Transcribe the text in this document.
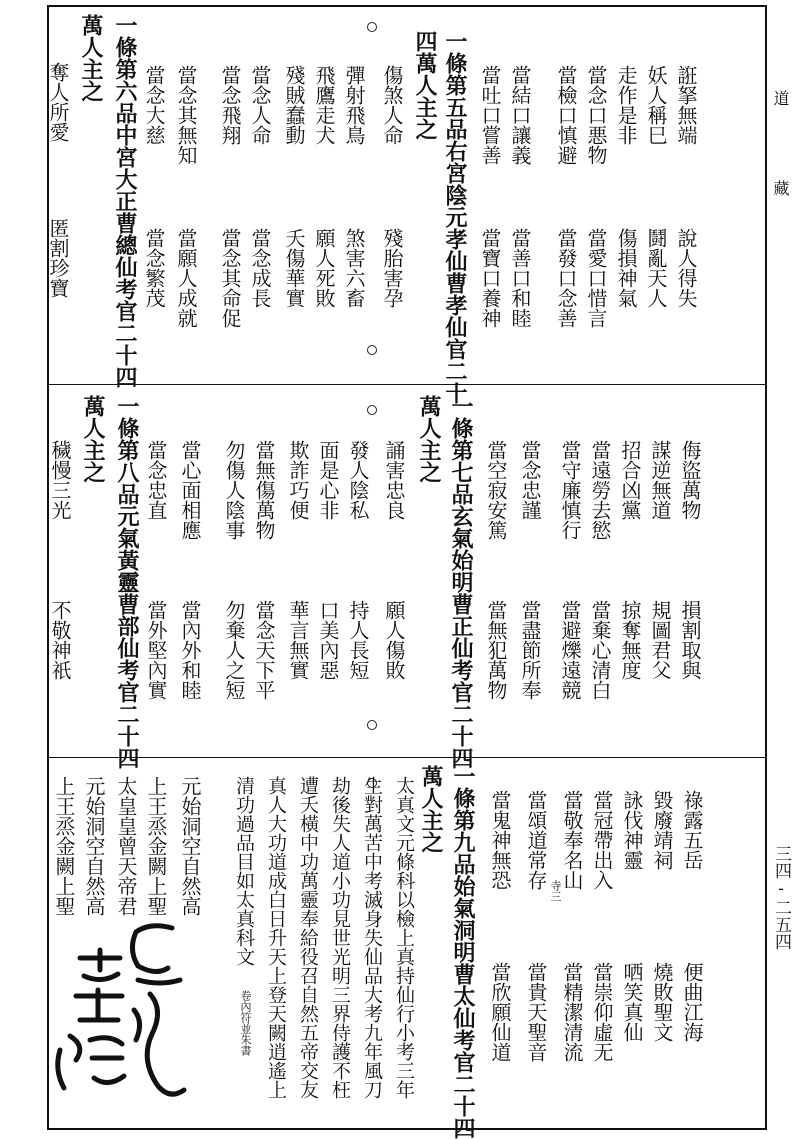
道
藏
三四‐二五四
一條第五品右宮陰元孝仙曹孝仙官二十
四萬人主之	誑拏無端
說人得失
妖人稱巳
鬪亂天人
走作是非
傷損神氣
當念口悪物
當愛口惜言
當檢口慎避
當發口念善
當結口讓義
當善口和睦
當吐口嘗善
當寶口養神
傷煞人命
殘胎害孕
彈射飛鳥
煞害六畜
飛鷹走犬
願人死敗
殘賊蠢動
夭傷華實
當念人命
當念成長
當念飛翔
當念其命促
當念其無知
當願人成就
當念大慈
當念繁茂
一條第六品中宮大正曹總仙考官二十四
萬人主之
奪人所愛
匿割珍寶
一條第七品玄氣始明曹正仙考官二十四
萬人主之	侮盜萬物
損割取與
謀逆無道
規圖君父
招合凶黨
掠奪無度
當遠勞去慾
當棄心清白
當守廉慎行
當避爍遠競
當念忠謹
當盡節所奉
當空寂安篤
當無犯萬物
誦害忠良
願人傷敗
發人陰私
持人長短
面是心非
口美內惡
欺詐巧便
華言無實
當無傷萬物
當念天下平
勿傷人陰事
勿棄人之短
當心面相應
當內外和睦
當念忠直
當外堅內實
一條第八品元氣黃靈曹部仙考官二十四
萬人主之
穢慢三光
不敬神祇
一條第九品始氣洞明曹太仙考官二十四
萬人主之	祿露五岳
便曲江海
毀廢靖祠
燒敗聖文
詠伐神靈
哂笑真仙
當冠帶出入
當崇仰虛无
當敬奉名山
當精潔清流
寺三
當頌道常存
當貴天聖音
當鬼神無恐
當欣願仙道
太真文元條科以檢上真持仙行小考三年
生對萬苦中考滅身失仙品大考九年風刀
劫後失人道小功見世光明三界侍護不枉
遭夭橫中功萬靈奉給役召自然五帝交友
真人大功道成白日升天上登天闕逍遙上
清功過品目如太真科文
卷內符並朱書
元始洞空自然高
上王烝金闕上聖
太皇皇曾天帝君
元始洞空自然高
上王烝金闕上聖
